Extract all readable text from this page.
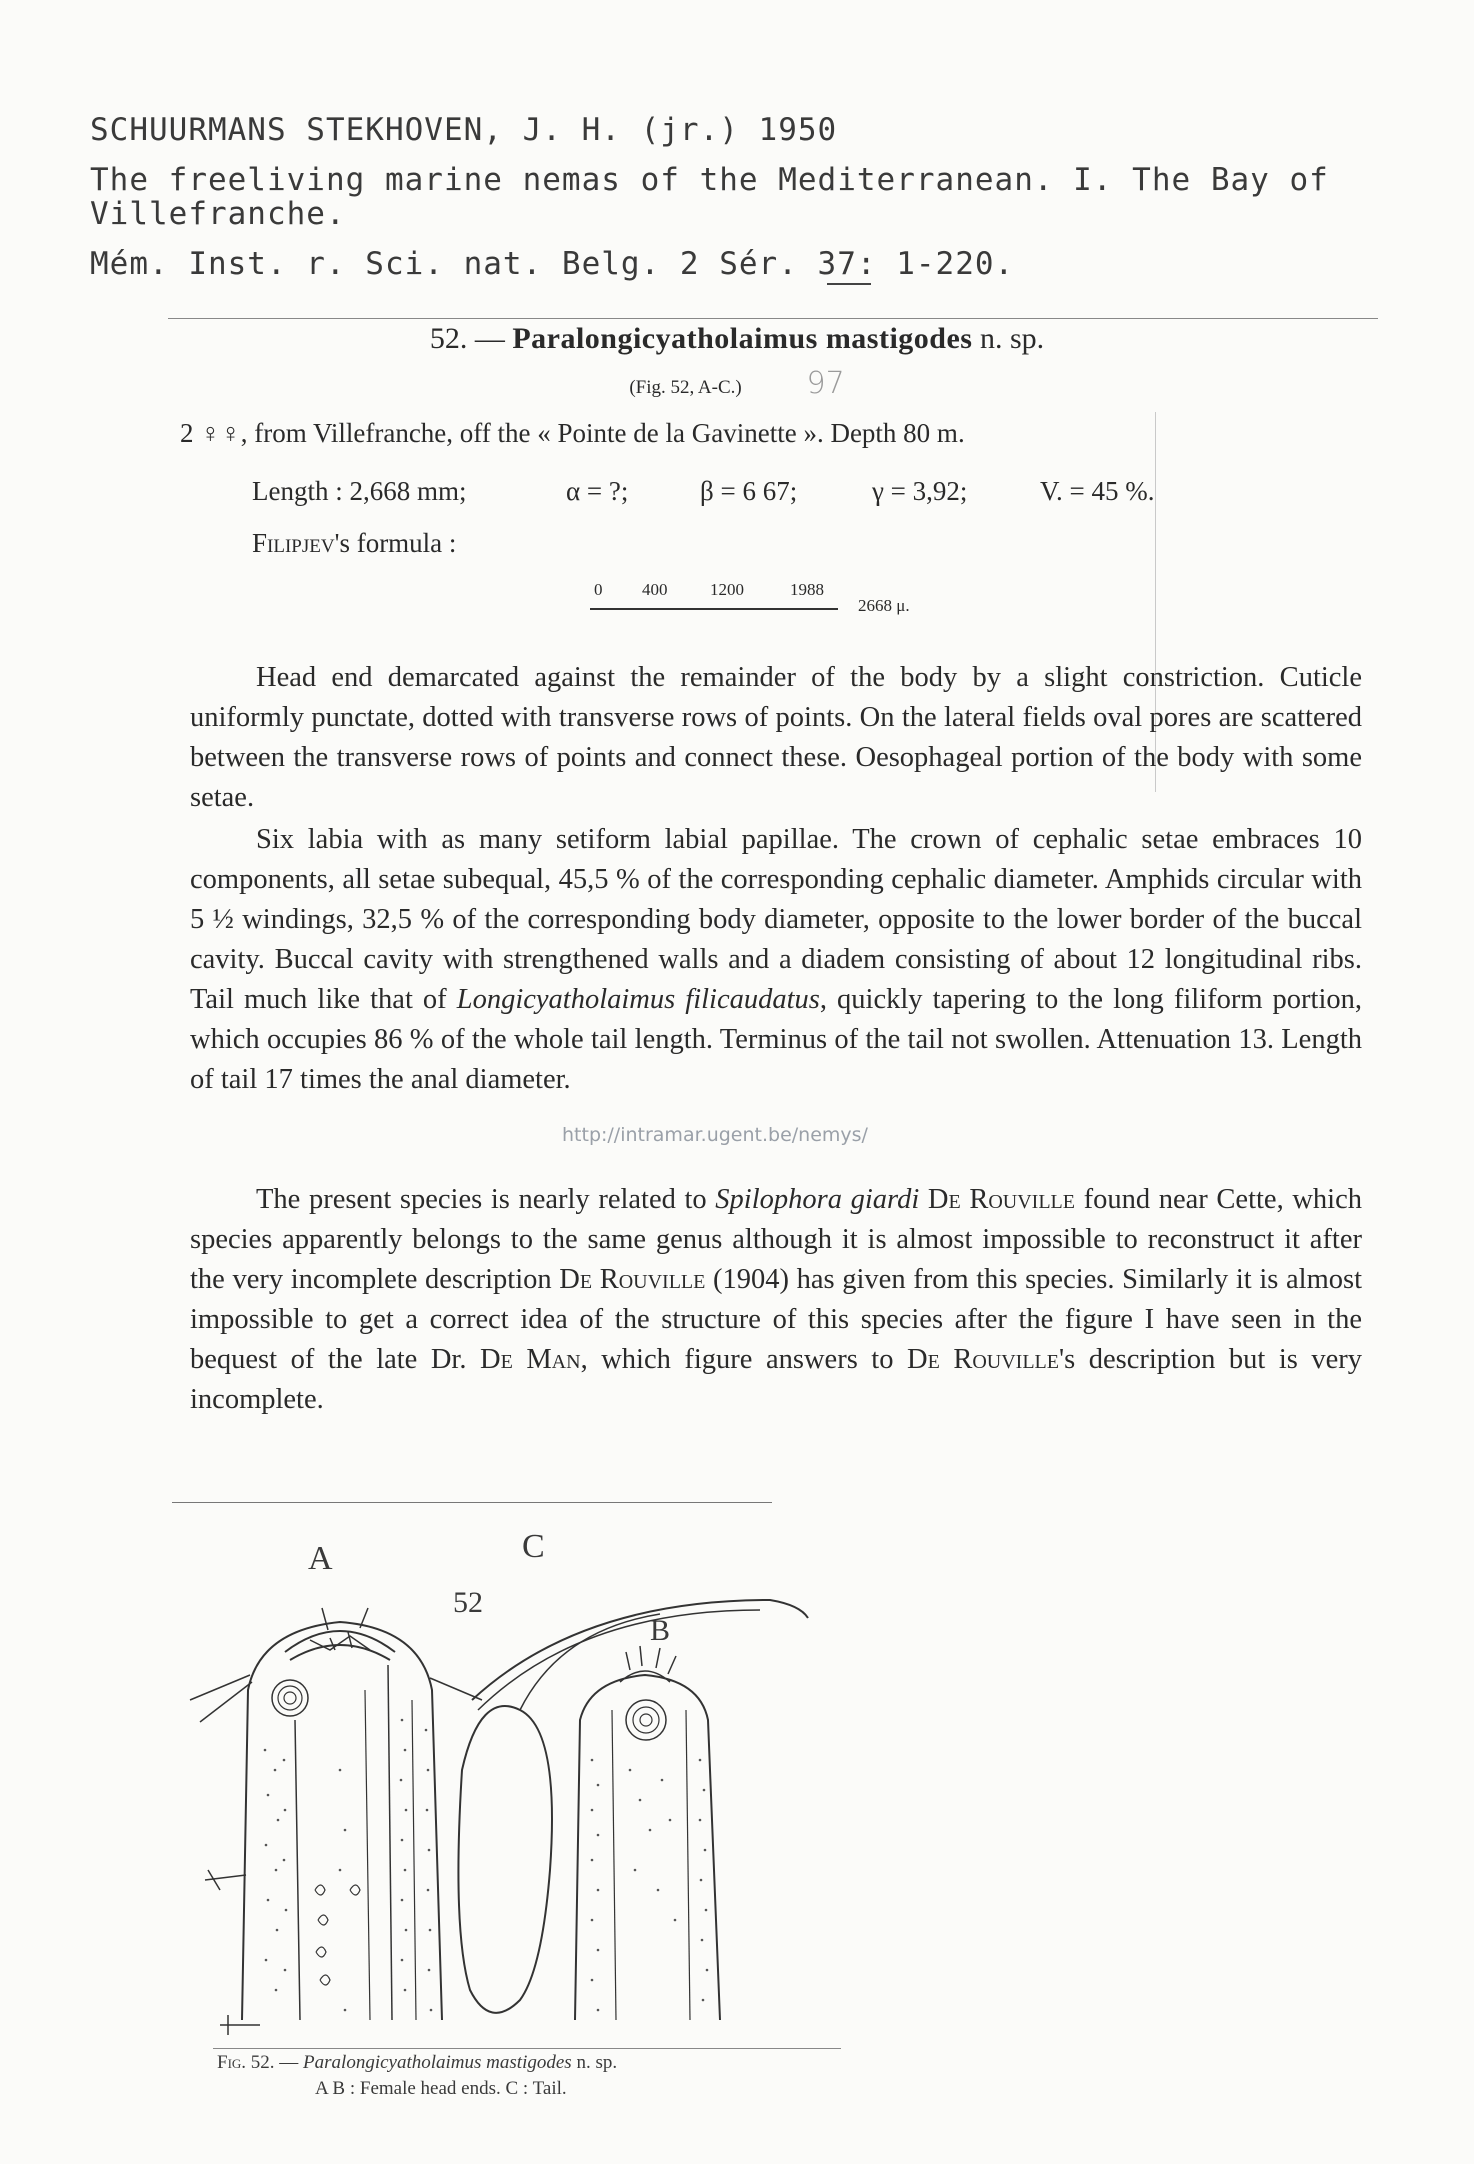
SCHUURMANS STEKHOVEN, J. H. (jr.) 1950
The freeliving marine nemas of the Mediterranean. I. The Bay of
Villefranche.
Mém. Inst. r. Sci. nat. Belg. 2 Sér. 37: 1-220.
52. — Paralongicyatholaimus mastigodes n. sp.
(Fig. 52, A-C.) 97
2 ♀♀, from Villefranche, off the « Pointe de la Gavinette ». Depth 80 m.
Length : 2,668 mm;	α = ?;	β = 6 67;	γ = 3,92;	V. = 45 %.
Filipjev's formula :
0 400	1200	1988
2668 μ.

Head end demarcated against the remainder of the body by a slight constriction. Cuticle uniformly punctate, dotted with transverse rows of points. On the lateral fields oval pores are scattered between the transverse rows of points and connect these. Oesophageal portion of the body with some setae.

Six labia with as many setiform labial papillae. The crown of cephalic setae embraces 10 components, all setae subequal, 45,5 % of the corresponding cephalic diameter. Amphids circular with 5 ½ windings, 32,5 % of the corresponding body diameter, opposite to the lower border of the buccal cavity. Buccal cavity with strengthened walls and a diadem consisting of about 12 longitudinal ribs. Tail much like that of Longicyatholaimus filicaudatus, quickly tapering to the long filiform portion, which occupies 86 % of the whole tail length. Terminus of the tail not swollen. Attenuation 13. Length of tail 17 times the anal diameter.

The present species is nearly related to Spilophora giardi De Rouville found near Cette, which species apparently belongs to the same genus although it is almost impossible to reconstruct it after the very incomplete description De Rouville (1904) has given from this species. Similarly it is almost impossible to get a correct idea of the structure of this species after the figure I have seen in the bequest of the late Dr. De Man, which figure answers to De Rouville's description but is very incomplete.

http://intramar.ugent.be/nemys/
A	C
52
B
Fig. 52. — Paralongicyatholaimus mastigodes n. sp.
A B : Female head ends. C : Tail.
